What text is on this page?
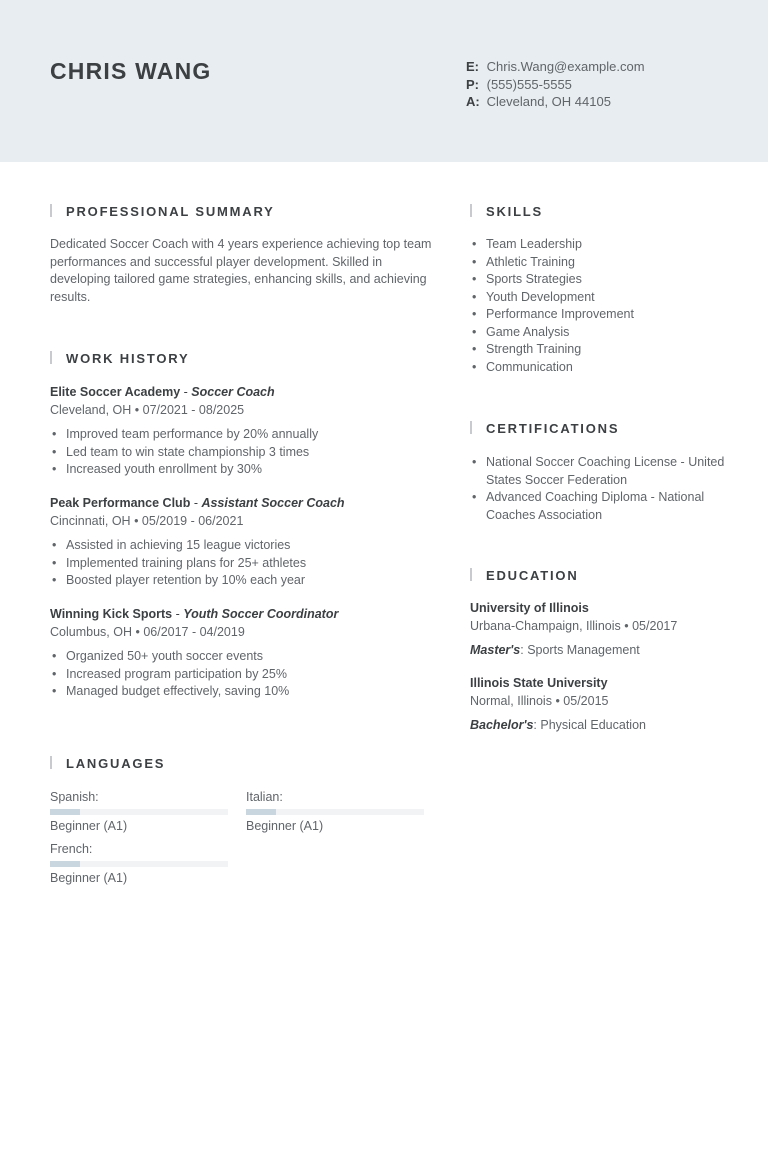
CHRIS WANG	E: Chris.Wang@example.com
P: (555)555-5555
A: Cleveland, OH 44105
PROFESSIONAL SUMMARY
Dedicated Soccer Coach with 4 years experience achieving top team performances and successful player development. Skilled in developing tailored game strategies, enhancing skills, and achieving results.
WORK HISTORY
Elite Soccer Academy - Soccer Coach
Cleveland, OH • 07/2021 - 08/2025
• Improved team performance by 20% annually
• Led team to win state championship 3 times
• Increased youth enrollment by 30%
Peak Performance Club - Assistant Soccer Coach
Cincinnati, OH • 05/2019 - 06/2021
• Assisted in achieving 15 league victories
• Implemented training plans for 25+ athletes
• Boosted player retention by 10% each year
Winning Kick Sports - Youth Soccer Coordinator
Columbus, OH • 06/2017 - 04/2019
• Organized 50+ youth soccer events
• Increased program participation by 25%
• Managed budget effectively, saving 10%
LANGUAGES
Spanish:
Beginner (A1)
Italian:
Beginner (A1)
French:
Beginner (A1)
SKILLS
• Team Leadership
• Athletic Training
• Sports Strategies
• Youth Development
• Performance Improvement
• Game Analysis
• Strength Training
• Communication
CERTIFICATIONS
• National Soccer Coaching License - United States Soccer Federation
• Advanced Coaching Diploma - National Coaches Association
EDUCATION
University of Illinois
Urbana-Champaign, Illinois • 05/2017
Master's: Sports Management
Illinois State University
Normal, Illinois • 05/2015
Bachelor's: Physical Education
